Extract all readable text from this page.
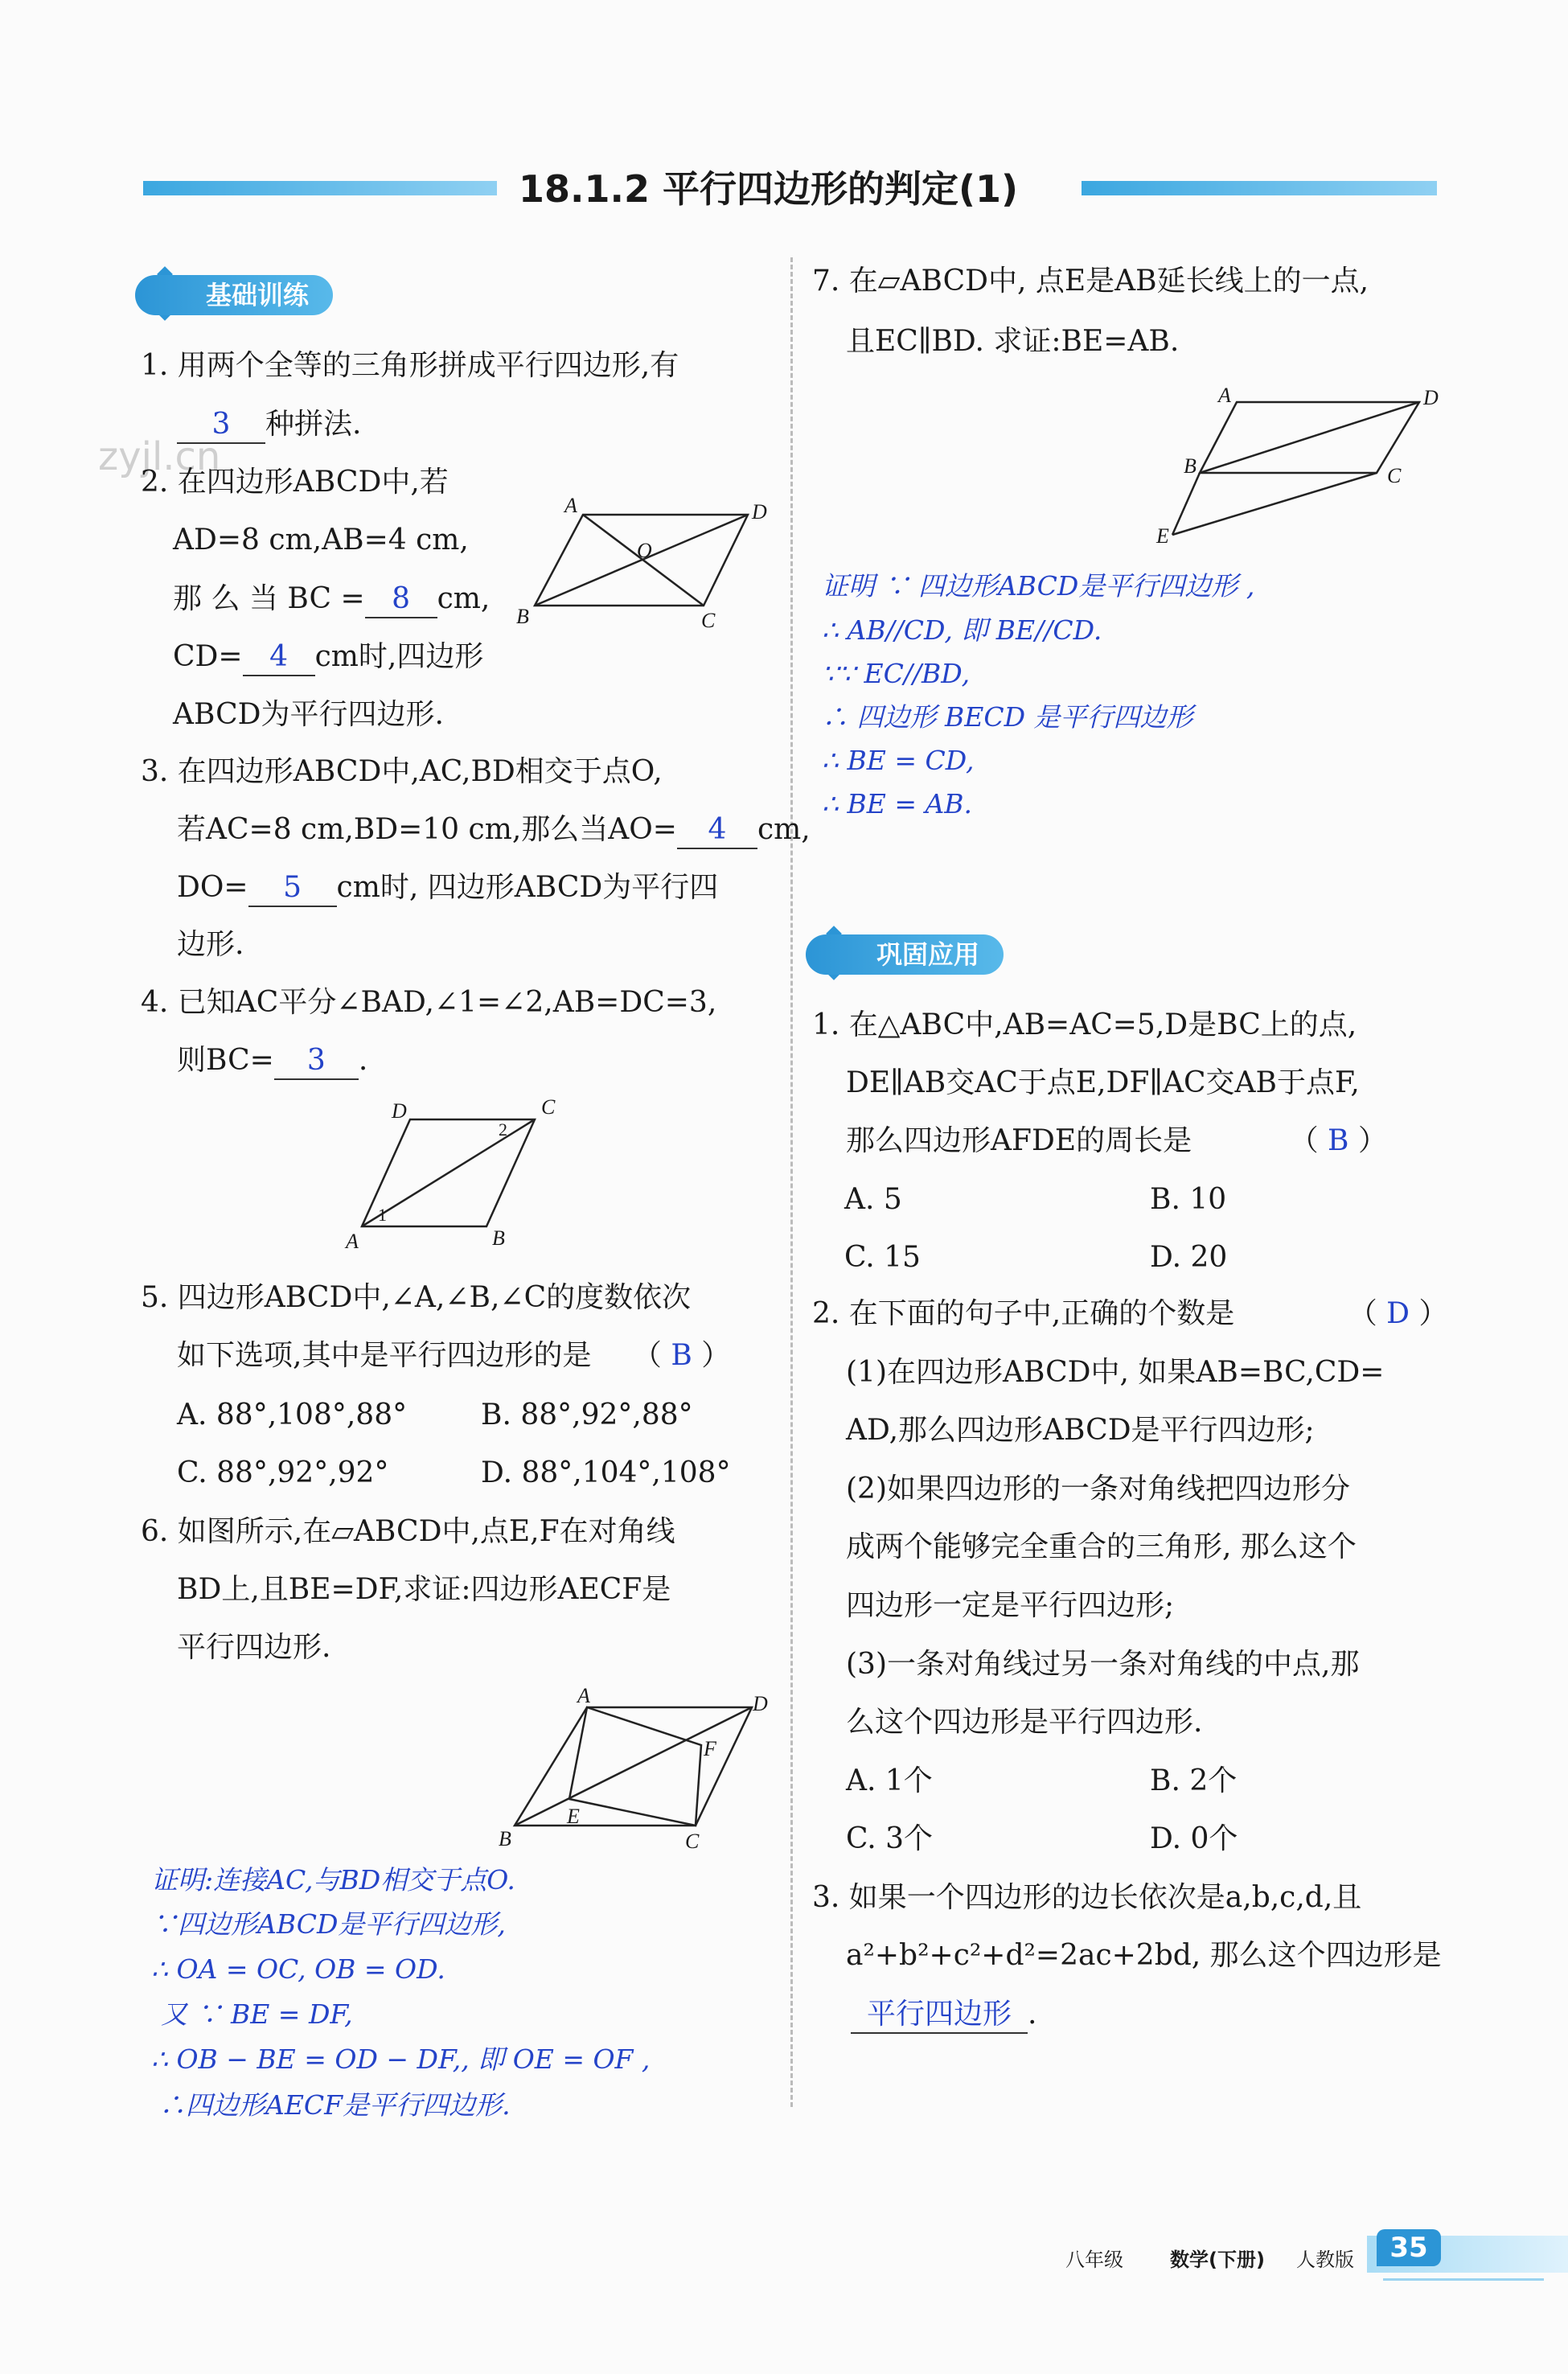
18.1.2 平行四边形的判定(1)
基础训练
巩固应用
zyjl.cn
1. 用两个全等的三角形拼成平行四边形,有
3 种拼法.
2. 在四边形ABCD中,若
AD=8 cm,AB=4 cm,
那 么 当 BC = 8 cm,
CD= 4 cm时,四边形
ABCD为平行四边形.
A	D
B	C
O
3. 在四边形ABCD中,AC,BD相交于点O,
若AC=8 cm,BD=10 cm,那么当AO= 4 cm,
DO= 5 cm时, 四边形ABCD为平行四
边形.
4. 已知AC平分∠BAD,∠1=∠2,AB=DC=3,
则BC= 3 .
D	C
A	B
1
2
5. 四边形ABCD中,∠A,∠B,∠C的度数依次
如下选项,其中是平行四边形的是 （ B ）
A. 88°,108°,88°	B. 88°,92°,88°
C. 88°,92°,92°	D. 88°,104°,108°
6. 如图所示,在▱ABCD中,点E,F在对角线
BD上,且BE=DF,求证:四边形AECF是
平行四边形.
A	D
B	C
E
F
证明:连接AC,与BD相交于点O.
∵四边形ABCD是平行四边形,
∴ OA = OC, OB = OD.
又 ∵ BE = DF,
∴ OB − BE = OD − DF,, 即 OE = OF ,
∴四边形AECF是平行四边形.
7. 在▱ABCD中, 点E是AB延长线上的一点,
且EC∥BD. 求证:BE=AB.
A	D
B	C
E
证明 ∵ 四边形ABCD是平行四边形 ,
∴ AB//CD, 即 BE//CD.
∵∵ EC//BD,
∴ 四边形 BECD 是平行四边形
∴ BE = CD,
∴ BE = AB.
1. 在△ABC中,AB=AC=5,D是BC上的点,
DE∥AB交AC于点E,DF∥AC交AB于点F,
那么四边形AFDE的周长是	（ B ）
A. 5	B. 10
C. 15	D. 20
2. 在下面的句子中,正确的个数是	（ D ）
(1)在四边形ABCD中, 如果AB=BC,CD=
AD,那么四边形ABCD是平行四边形;
(2)如果四边形的一条对角线把四边形分
成两个能够完全重合的三角形, 那么这个
四边形一定是平行四边形;
(3)一条对角线过另一条对角线的中点,那
么这个四边形是平行四边形.
A. 1个	B. 2个
C. 3个	D. 0个
3. 如果一个四边形的边长依次是a,b,c,d,且
a²+b²+c²+d²=2ac+2bd, 那么这个四边形是
平行四边形 .
八年级 数学(下册) 人教版	35
